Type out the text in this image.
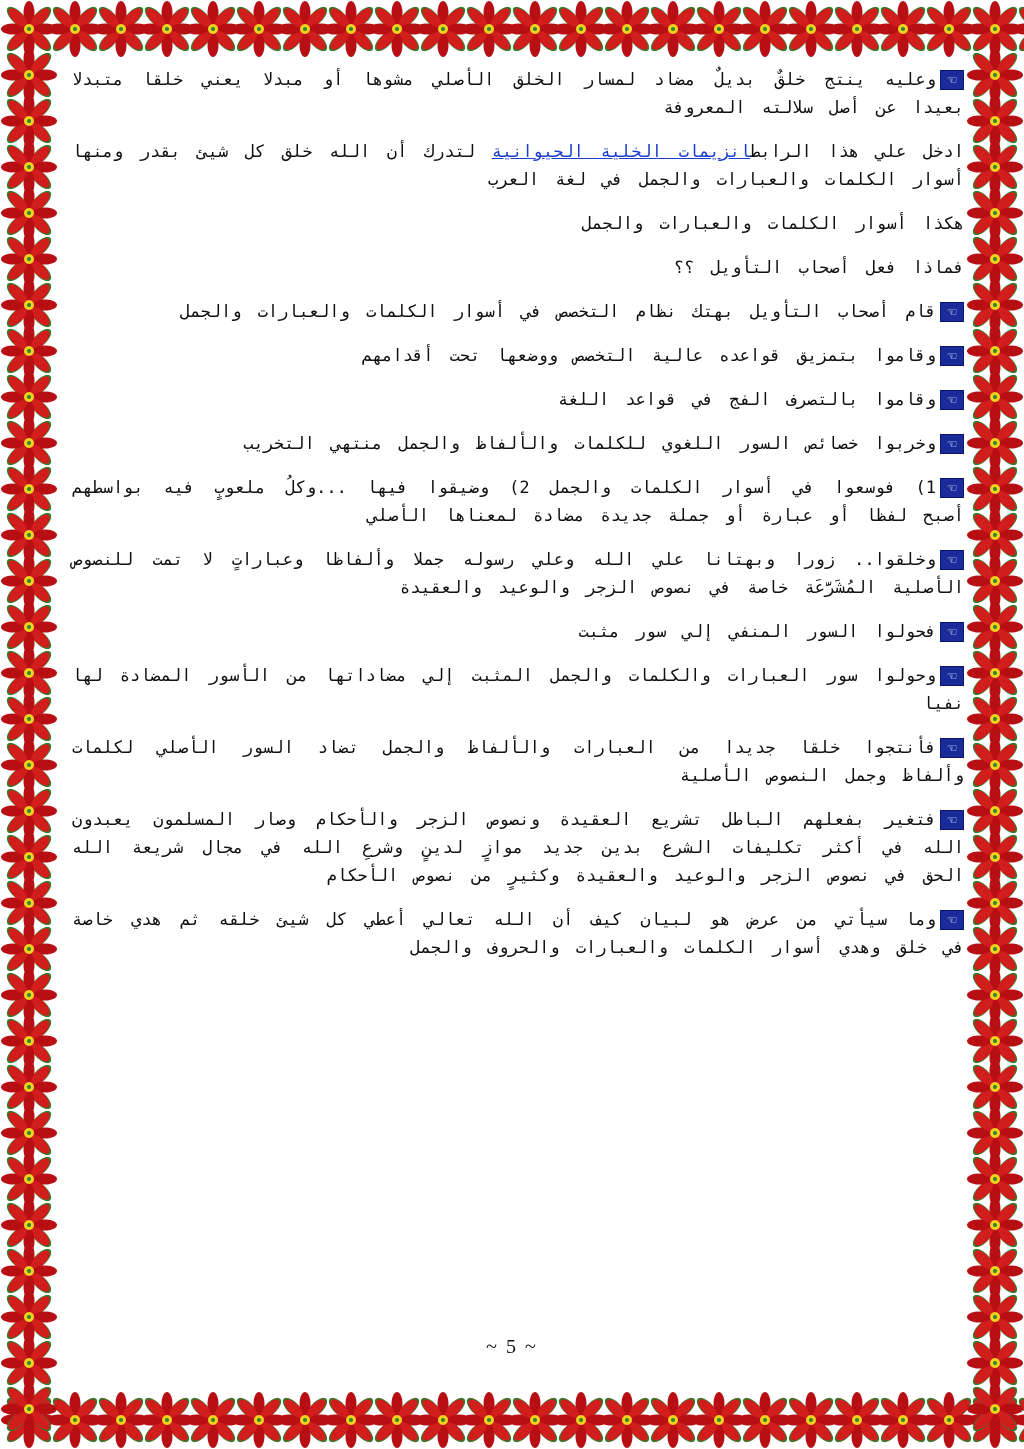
☜وعليه ينتج خلقٌ بديلٌ مضاد لمسار الخلق الأصلي مشوها أو مبدلا يعني خلقا متبدلا بعيدا عن أصل سلالته المعروفة

ادخل علي هذا الرابطانزيمات الخلية الحيوانية لتدرك أن الله خلق كل شيئ بقدر ومنها أسوار الكلمات والعبارات والجمل في لغة العرب

هكذا أسوار الكلمات والعبارات والجمل

فماذا فعل أصحاب التأويل ؟؟

☜قام أصحاب التأويل بهتك نظام التخصص في أسوار الكلمات والعبارات والجمل

☜وقاموا بتمزيق قواعده عالية التخصص ووضعها تحت أقدامهم

☜وقاموا بالتصرف الفج في قواعد اللغة

☜وخربوا خصائص السور اللغوي للكلمات والألفاظ والجمل منتهي التخريب

☜1) فوسعوا في أسوار الكلمات والجمل 2) وضيقوا فيها ...وكلُ ملعوبٍ فيه بواسطهم أصبح لفظا أو عبارة أو جملة جديدة مضادة لمعناها الأصلي

☜وخلقوا.. زورا وبهتانا علي الله وعلي رسوله جملا وألفاظا وعباراتٍ لا تمت للنصوص الأصلية المُشَرَّعَة خاصة في نصوص الزجر والوعيد والعقيدة

☜فحولوا السور المنفي إلي سور مثبت

☜وحولوا سور العبارات والكلمات والجمل المثبت إلي مضاداتها من الأسور المضادة لها نفيا

☜فأنتجوا خلقا جديدا من العبارات والألفاظ والجمل تضاد السور الأصلي لكلمات وألفاظ وجمل النصوص الأصلية

☜فتغير بفعلهم الباطل تشريع العقيدة ونصوص الزجر والأحكام وصار المسلمون يعبدون الله في أكثر تكليفات الشرع بدين جديد موازٍ لدينٍ وشرعِ الله في مجال شريعة الله الحق في نصوص الزجر والوعيد والعقيدة وكثيرٍ من نصوص الأحكام

☜وما سيأتي من عرض هو لبيان كيف أن الله تعالي أعطي كل شيئ خلقه ثم هدي خاصة في خلق وهدي أسوار الكلمات والعبارات والحروف والجمل

~ 5 ~
